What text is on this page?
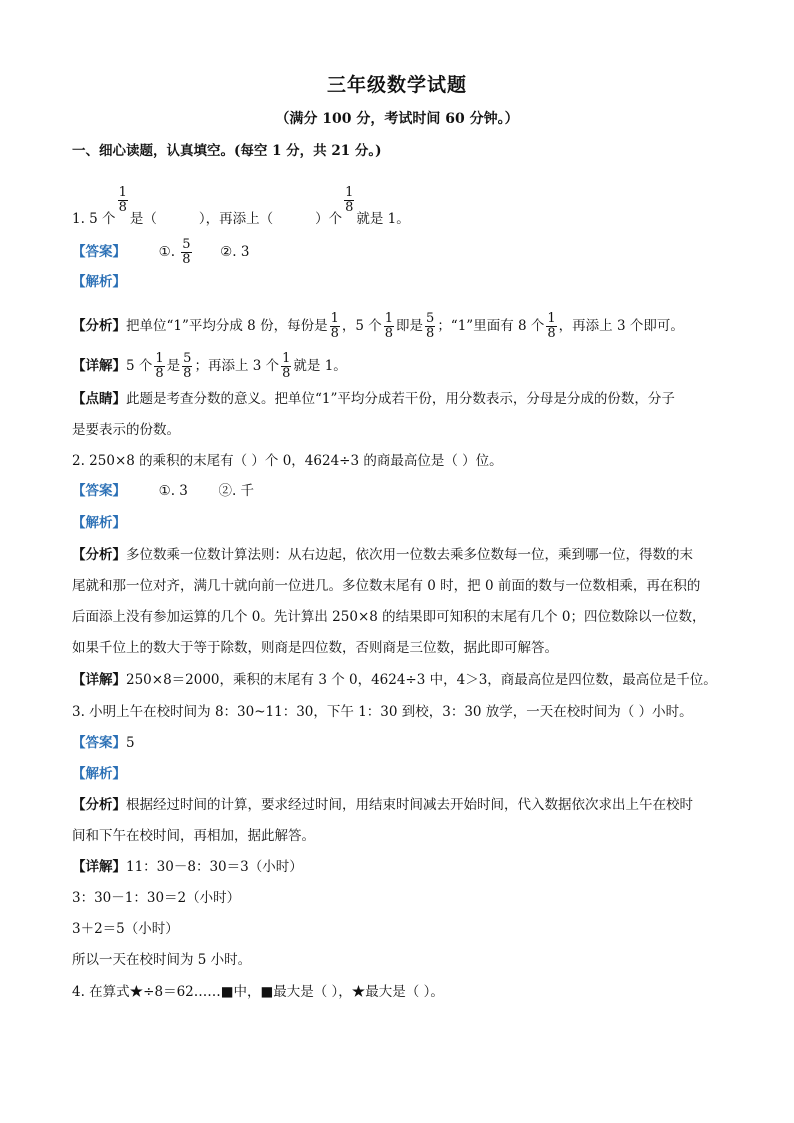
三年级数学试题
（满分 100 分，考试时间 60 分钟。）
一、细心读题，认真填空。(每空 1 分，共 21 分。)
1. 5 个
$\frac{1}{8}$
是（	），再添上（	）个
$\frac{1}{8}$
就是 1。
【答案】 ①. $\frac{5}{8}$ ②. 3
【解析】
【分析】把单位“1”平均分成 8 份，每份是 $\frac{1}{8}$ ，5 个 $\frac{1}{8}$ 即是 $\frac{5}{8}$ ；“1”里面有 8 个 $\frac{1}{8}$ ，再添上 3 个即可。
【详解】5 个 $\frac{1}{8}$ 是 $\frac{5}{8}$ ；再添上 3 个 $\frac{1}{8}$ 就是 1。
【点睛】此题是考查分数的意义。把单位“1”平均分成若干份，用分数表示，分母是分成的份数，分子
是要表示的份数。
2. 250×8 的乘积的末尾有（ ）个 0，4624÷3 的商最高位是（ ）位。
【答案】 ①. 3 ②. 千
【解析】
【分析】多位数乘一位数计算法则：从右边起，依次用一位数去乘多位数每一位，乘到哪一位，得数的末
尾就和那一位对齐，满几十就向前一位进几。多位数末尾有 0 时，把 0 前面的数与一位数相乘，再在积的
后面添上没有参加运算的几个 0。先计算出 250×8 的结果即可知积的末尾有几个 0；四位数除以一位数，
如果千位上的数大于等于除数，则商是四位数，否则商是三位数，据此即可解答。
【详解】250×8＝2000，乘积的末尾有 3 个 0，4624÷3 中，4＞3，商最高位是四位数，最高位是千位。
3. 小明上午在校时间为 8：30~11：30，下午 1：30 到校，3：30 放学，一天在校时间为（ ）小时。
【答案】5
【解析】
【分析】根据经过时间的计算，要求经过时间，用结束时间减去开始时间，代入数据依次求出上午在校时
间和下午在校时间，再相加，据此解答。
【详解】11：30－8：30＝3（小时）
3：30－1：30＝2（小时）
3＋2＝5（小时）
所以一天在校时间为 5 小时。
4. 在算式★÷8＝62……■中，■最大是（ ），★最大是（ ）。
